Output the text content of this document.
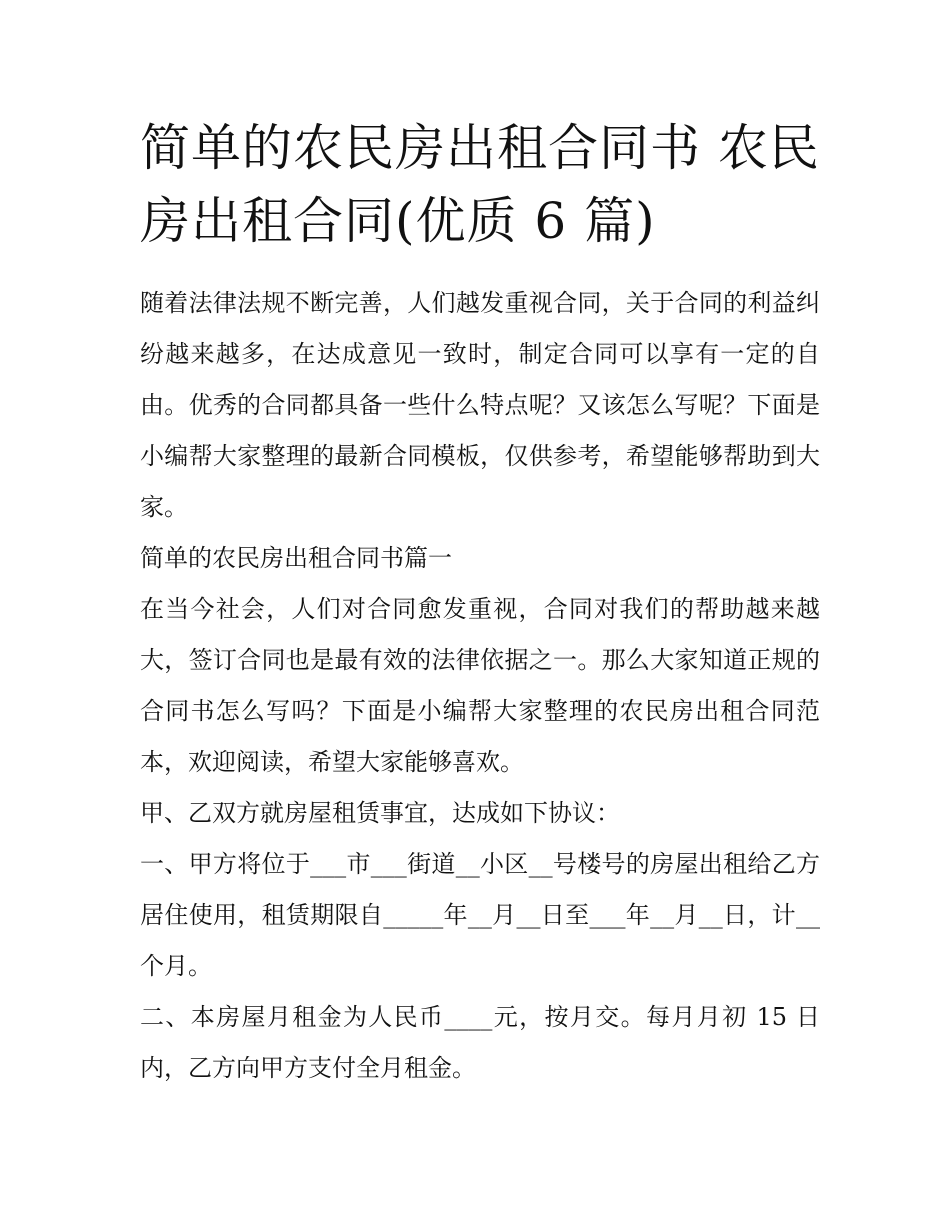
简单的农民房出租合同书 农民房出租合同(优质 6 篇)

随着法律法规不断完善，人们越发重视合同，关于合同的利益纠纷越来越多，在达成意见一致时，制定合同可以享有一定的自由。优秀的合同都具备一些什么特点呢？又该怎么写呢？下面是小编帮大家整理的最新合同模板，仅供参考，希望能够帮助到大家。

简单的农民房出租合同书篇一

在当今社会，人们对合同愈发重视，合同对我们的帮助越来越大，签订合同也是最有效的法律依据之一。那么大家知道正规的合同书怎么写吗？下面是小编帮大家整理的农民房出租合同范本，欢迎阅读，希望大家能够喜欢。

甲、乙双方就房屋租赁事宜，达成如下协议：

一、甲方将位于___市___街道__小区__号楼号的房屋出租给乙方居住使用，租赁期限自_____年__月__日至___年__月__日，计__个月。

二、本房屋月租金为人民币____元，按月交。每月月初 15 日内，乙方向甲方支付全月租金。
